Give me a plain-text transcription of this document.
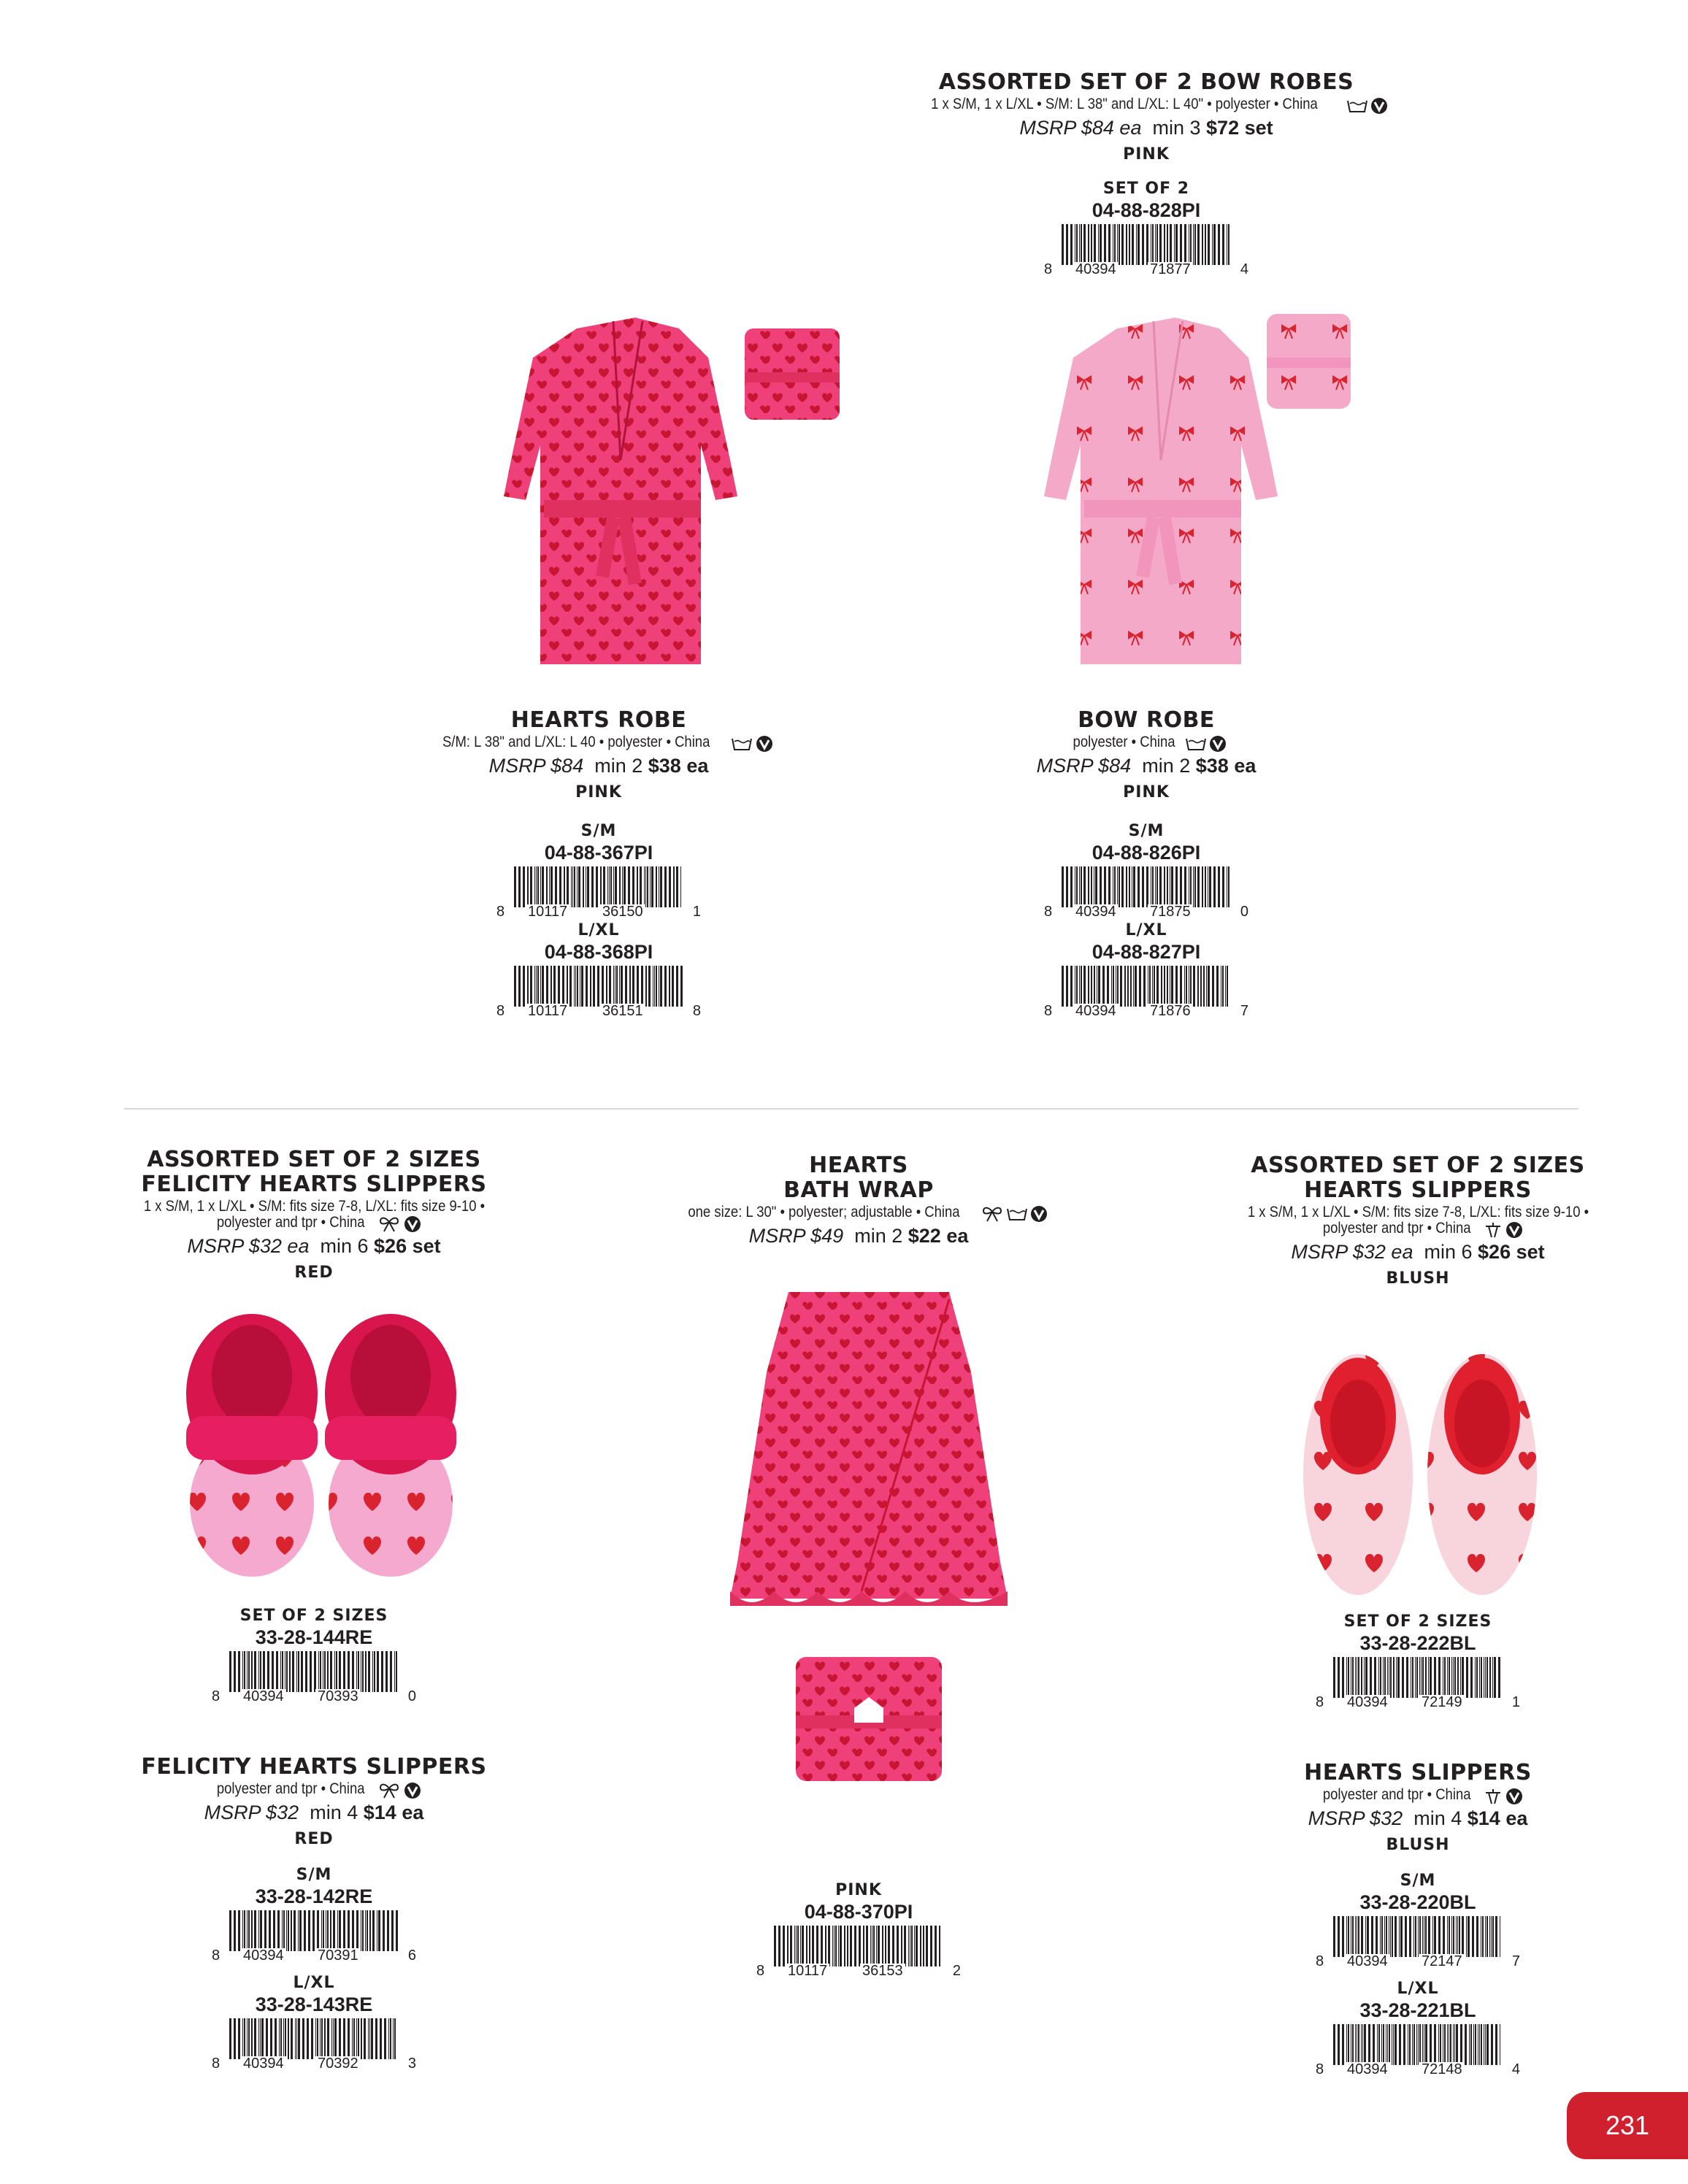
ASSORTED SET OF 2 BOW ROBES
1 x S/M, 1 x L/XL • S/M: L 38" and L/XL: L 40" • polyester • China
MSRP $84 ea min 3 $72 set
PINK
SET OF 2
04-88-828PI
8 40394 71877	4
HEARTS ROBE
S/M: L 38" and L/XL: L 40 • polyester • China
MSRP $84 min 2 $38 ea
PINK
S/M
04-88-367PI
8 10117 36150	1
L/XL
04-88-368PI
8 10117 36151	8
BOW ROBE
polyester • China
MSRP $84 min 2 $38 ea
PINK
S/M
04-88-826PI
8 40394 71875	0
L/XL
04-88-827PI
8 40394 71876	7
ASSORTED SET OF 2 SIZES
FELICITY HEARTS SLIPPERS
1 x S/M, 1 x L/XL • S/M: fits size 7-8, L/XL: fits size 9-10 •
polyester and tpr • China
MSRP $32 ea min 6 $26 set
RED
SET OF 2 SIZES
33-28-144RE
8 40394 70393	0
FELICITY HEARTS SLIPPERS
polyester and tpr • China
MSRP $32 min 4 $14 ea
RED
S/M
33-28-142RE
8 40394 70391	6
L/XL
33-28-143RE
8 40394 70392	3
HEARTS
BATH WRAP
one size: L 30" • polyester; adjustable • China
MSRP $49 min 2 $22 ea
PINK
04-88-370PI
8 10117 36153	2
ASSORTED SET OF 2 SIZES
HEARTS SLIPPERS
1 x S/M, 1 x L/XL • S/M: fits size 7-8, L/XL: fits size 9-10 •
polyester and tpr • China
MSRP $32 ea min 6 $26 set
BLUSH
SET OF 2 SIZES
33-28-222BL
8 40394 72149	1
HEARTS SLIPPERS
polyester and tpr • China
MSRP $32 min 4 $14 ea
BLUSH
S/M
33-28-220BL
8 40394 72147	7
L/XL
33-28-221BL
8 40394 72148	4
231
